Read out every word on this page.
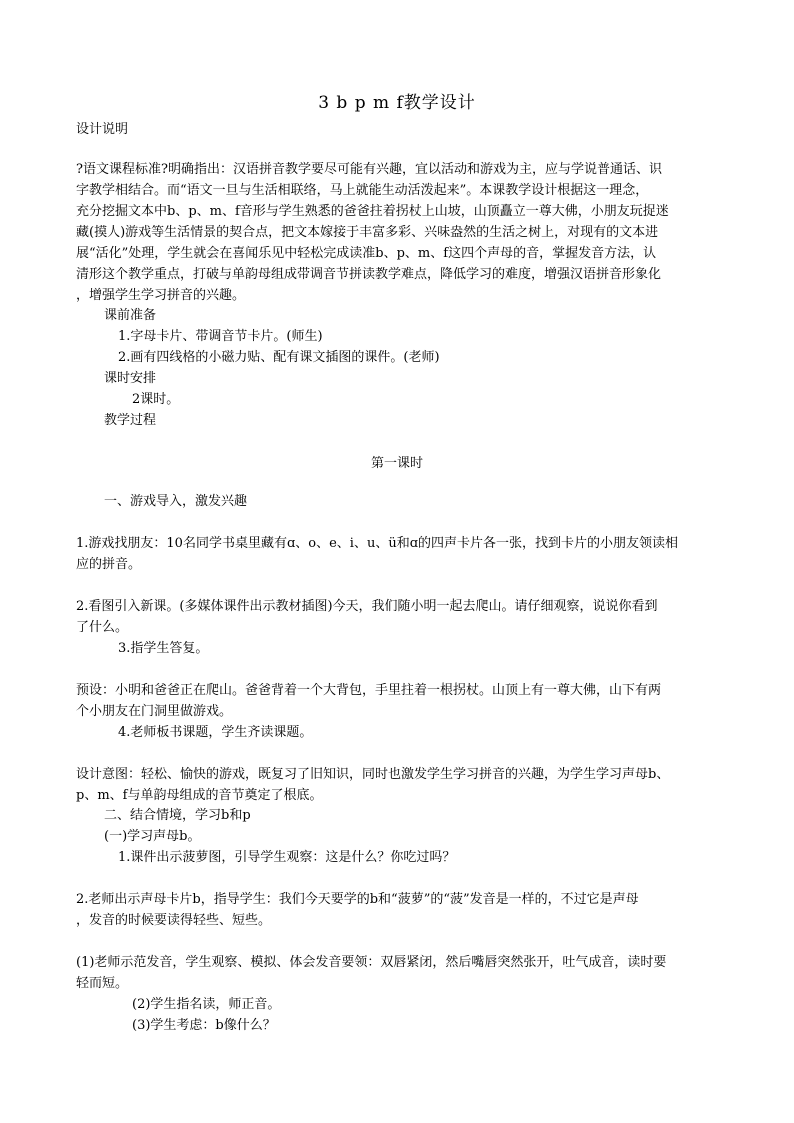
3 b p m f教学设计
设计说明
?语文课程标准?明确指出：汉语拼音教学要尽可能有兴趣，宜以活动和游戏为主，应与学说普通话、识
字教学相结合。而“语文一旦与生活相联络，马上就能生动活泼起来”。本课教学设计根据这一理念，
充分挖掘文本中b、p、m、f音形与学生熟悉的爸爸拄着拐杖上山坡，山顶矗立一尊大佛，小朋友玩捉迷
藏(摸人)游戏等生活情景的契合点，把文本嫁接于丰富多彩、兴味盎然的生活之树上，对现有的文本进
展“活化”处理，学生就会在喜闻乐见中轻松完成读准b、p、m、f这四个声母的音，掌握发音方法，认
清形这个教学重点，打破与单韵母组成带调音节拼读教学难点，降低学习的难度，增强汉语拼音形象化
，增强学生学习拼音的兴趣。
课前准备
1.字母卡片、带调音节卡片。(师生)
2.画有四线格的小磁力贴、配有课文插图的课件。(老师)
课时安排
2课时。
教学过程
第一课时
一、游戏导入，激发兴趣
1.游戏找朋友：10名同学书桌里藏有ɑ、o、e、i、u、ü和ɑ的四声卡片各一张，找到卡片的小朋友领读相
应的拼音。
2.看图引入新课。(多媒体课件出示教材插图)今天，我们随小明一起去爬山。请仔细观察，说说你看到
了什么。
3.指学生答复。
预设：小明和爸爸正在爬山。爸爸背着一个大背包，手里拄着一根拐杖。山顶上有一尊大佛，山下有两
个小朋友在门洞里做游戏。
4.老师板书课题，学生齐读课题。
设计意图：轻松、愉快的游戏，既复习了旧知识，同时也激发学生学习拼音的兴趣，为学生学习声母b、
p、m、f与单韵母组成的音节奠定了根底。
二、结合情境，学习b和p
(一)学习声母b。
1.课件出示菠萝图，引导学生观察：这是什么？你吃过吗？
2.老师出示声母卡片b，指导学生：我们今天要学的b和“菠萝”的“菠”发音是一样的，不过它是声母
，发音的时候要读得轻些、短些。
(1)老师示范发音，学生观察、模拟、体会发音要领：双唇紧闭，然后嘴唇突然张开，吐气成音，读时要
轻而短。
(2)学生指名读，师正音。
(3)学生考虑：b像什么？
